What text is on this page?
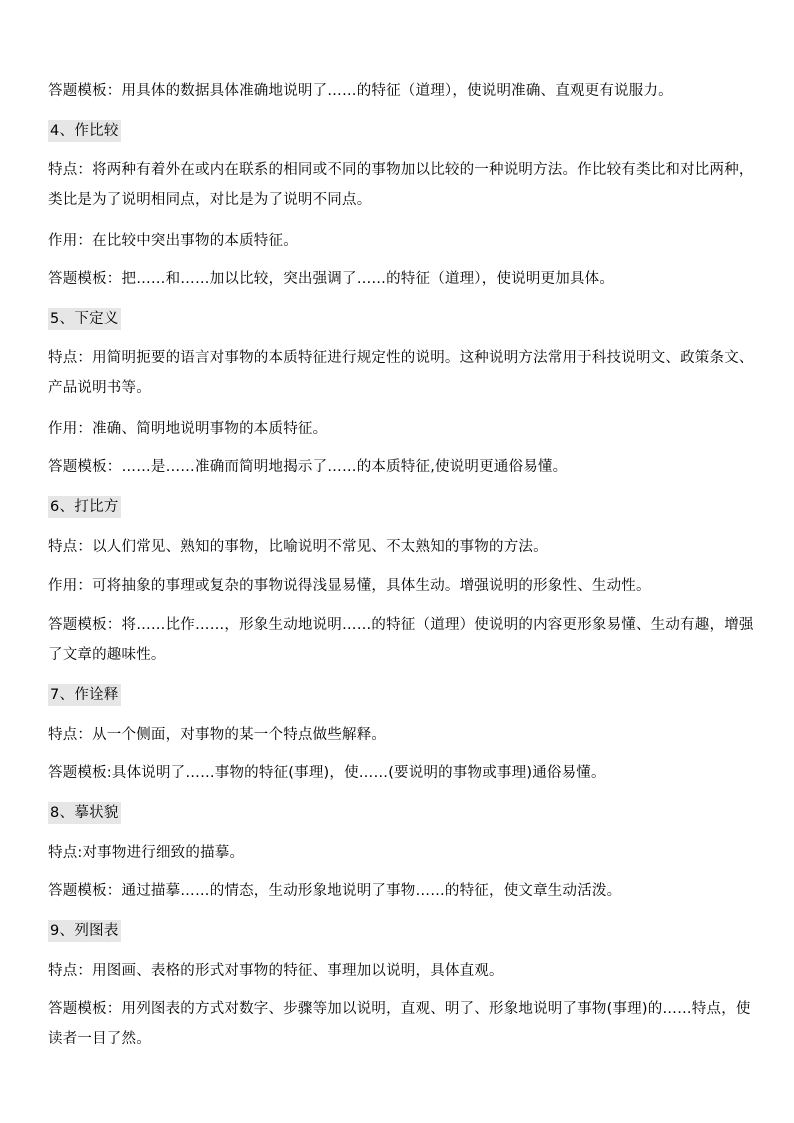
答题模板：用具体的数据具体准确地说明了……的特征（道理），使说明准确、直观更有说服力。
4、作比较
特点：将两种有着外在或内在联系的相同或不同的事物加以比较的一种说明方法。作比较有类比和对比两种，类比是为了说明相同点，对比是为了说明不同点。
作用：在比较中突出事物的本质特征。
答题模板：把……和……加以比较，突出强调了……的特征（道理），使说明更加具体。
5、下定义
特点：用简明扼要的语言对事物的本质特征进行规定性的说明。这种说明方法常用于科技说明文、政策条文、产品说明书等。
作用：准确、简明地说明事物的本质特征。
答题模板：……是……准确而简明地揭示了……的本质特征,使说明更通俗易懂。
6、打比方
特点：以人们常见、熟知的事物，比喻说明不常见、不太熟知的事物的方法。
作用：可将抽象的事理或复杂的事物说得浅显易懂，具体生动。增强说明的形象性、生动性。
答题模板：将……比作……，形象生动地说明……的特征（道理）使说明的内容更形象易懂、生动有趣，增强了文章的趣味性。
7、作诠释
特点：从一个侧面，对事物的某一个特点做些解释。
答题模板:具体说明了……事物的特征(事理)，使……(要说明的事物或事理)通俗易懂。
8、摹状貌
特点:对事物进行细致的描摹。
答题模板：通过描摹……的情态，生动形象地说明了事物……的特征，使文章生动活泼。
9、列图表
特点：用图画、表格的形式对事物的特征、事理加以说明，具体直观。
答题模板：用列图表的方式对数字、步骤等加以说明，直观、明了、形象地说明了事物(事理)的……特点，使读者一目了然。
